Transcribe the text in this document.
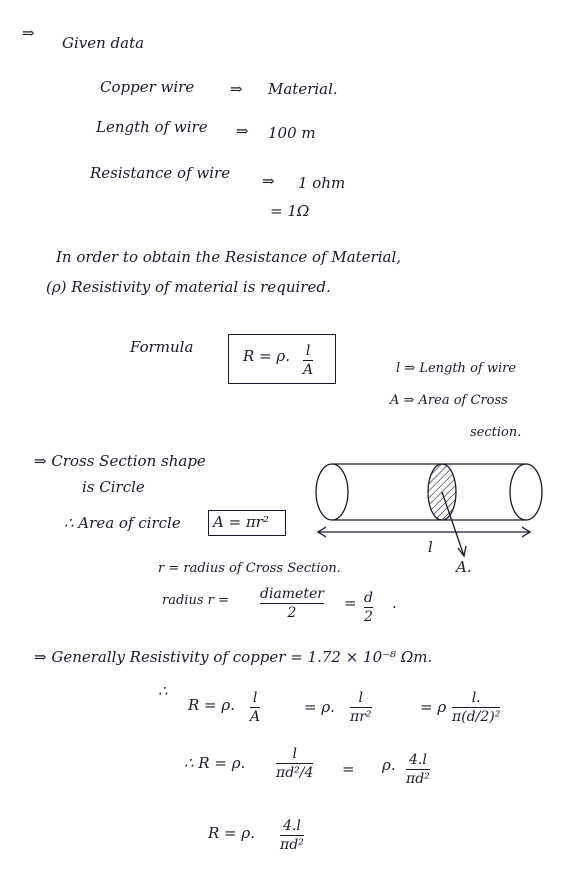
⇒
Given data
Copper wire ⇒ Material.
Length of wire ⇒ 100 m
Resistance of wire ⇒ 1 ohm
= 1Ω
In order to obtain the Resistance of Material,
(ρ) Resistivity of material is required.
Formula	R = ρ. l
A	l ⇒ Length of wire
A ⇒ Area of Cross
section.
⇒ Cross Section shape
is Circle
∴ Area of circle A = πr²
l
A.
r = radius of Cross Section.
radius r = diameter
2
= d
2
.
⇒ Generally Resistivity of copper = 1.72 × 10⁻⁸ Ωm.
∴
R = ρ. l
A
= ρ. l
πr²
= ρ l.
π(d/2)²
∴ R = ρ.	l
πd²/4 = ρ. 4.l
πd²
R = ρ. 4.l
πd²
